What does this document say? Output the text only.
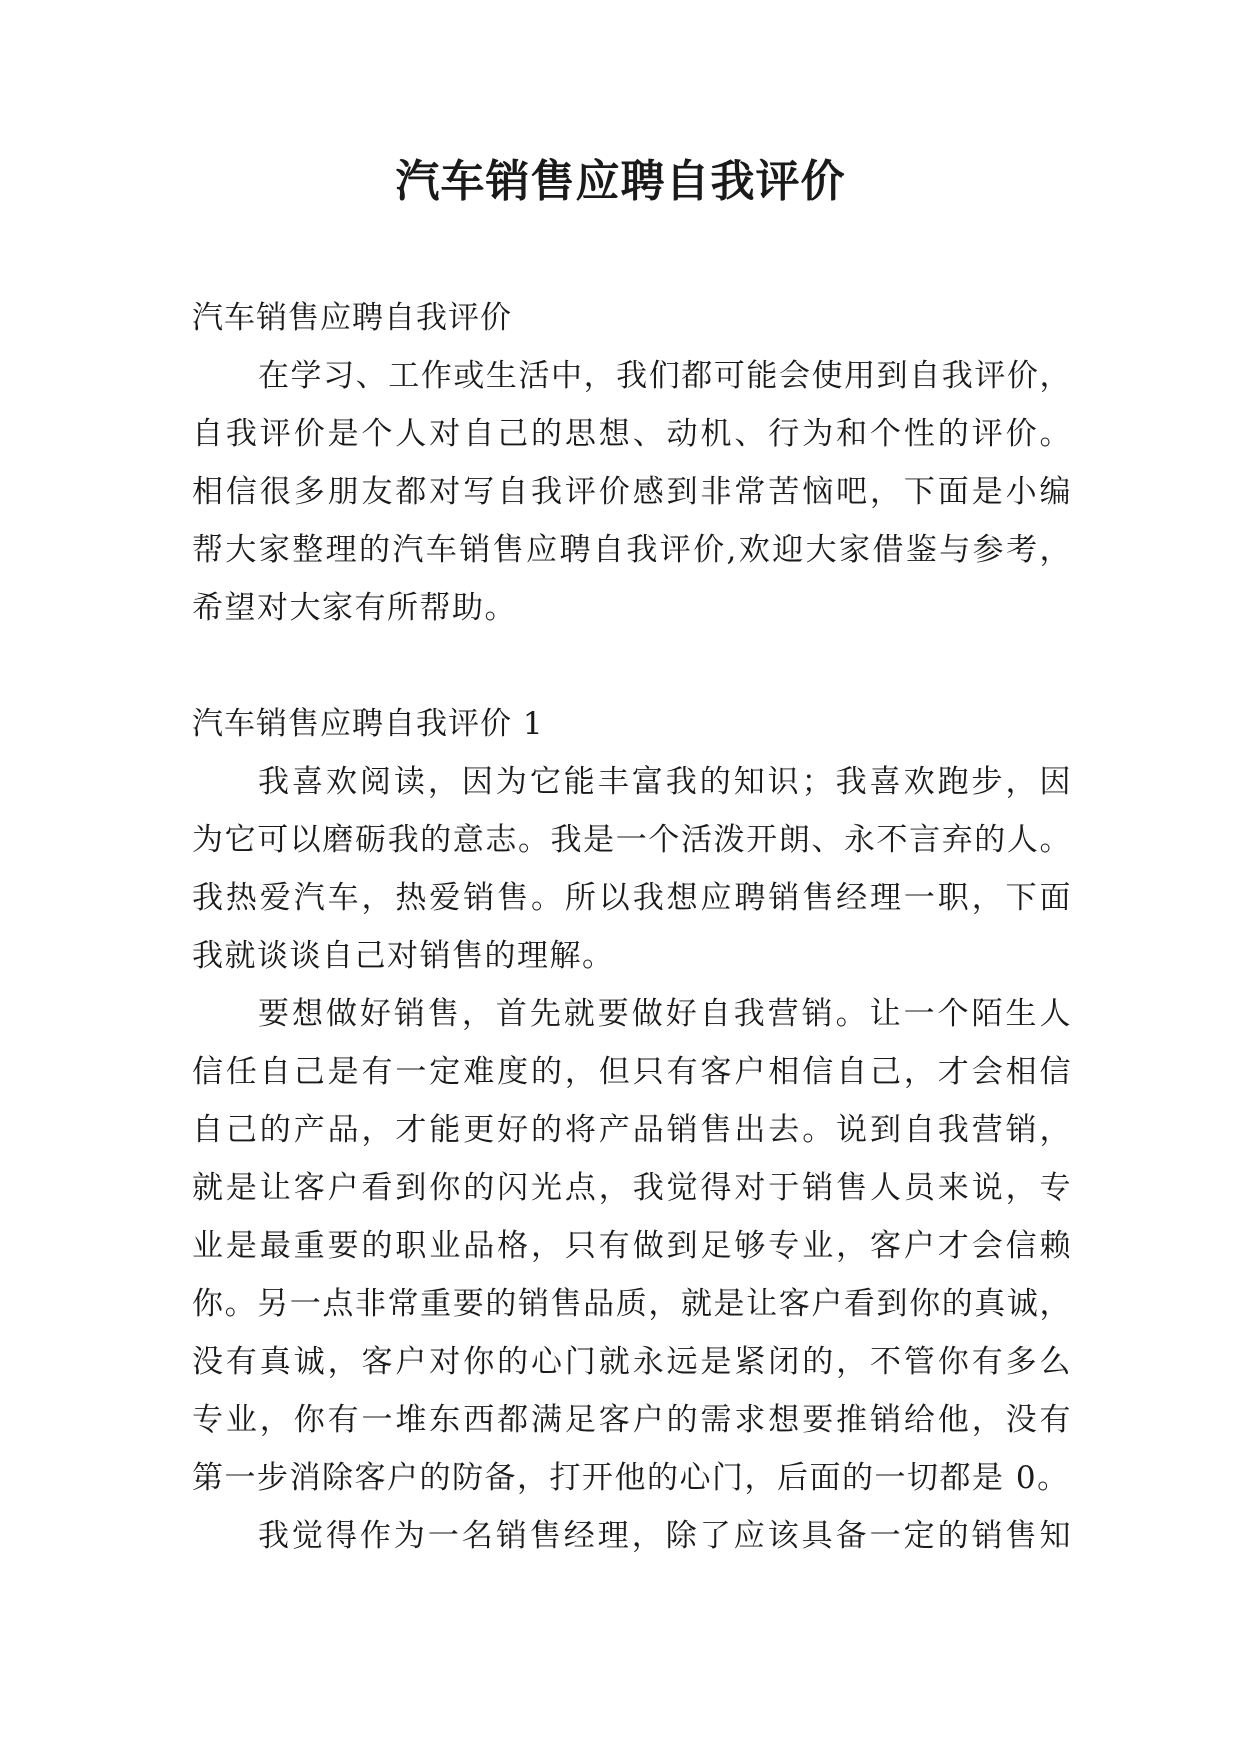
汽车销售应聘自我评价
汽车销售应聘自我评价
在学习、工作或生活中，我们都可能会使用到自我评价，
自我评价是个人对自己的思想、动机、行为和个性的评价。
相信很多朋友都对写自我评价感到非常苦恼吧，下面是小编
帮大家整理的汽车销售应聘自我评价,欢迎大家借鉴与参考，
希望对大家有所帮助。
汽车销售应聘自我评价 1
我喜欢阅读，因为它能丰富我的知识；我喜欢跑步，因
为它可以磨砺我的意志。我是一个活泼开朗、永不言弃的人。
我热爱汽车，热爱销售。所以我想应聘销售经理一职，下面
我就谈谈自己对销售的理解。
要想做好销售，首先就要做好自我营销。让一个陌生人
信任自己是有一定难度的，但只有客户相信自己，才会相信
自己的产品，才能更好的将产品销售出去。说到自我营销，
就是让客户看到你的闪光点，我觉得对于销售人员来说，专
业是最重要的职业品格，只有做到足够专业，客户才会信赖
你。另一点非常重要的销售品质，就是让客户看到你的真诚，
没有真诚，客户对你的心门就永远是紧闭的，不管你有多么
专业，你有一堆东西都满足客户的需求想要推销给他，没有
第一步消除客户的防备，打开他的心门，后面的一切都是 0。
我觉得作为一名销售经理，除了应该具备一定的销售知
